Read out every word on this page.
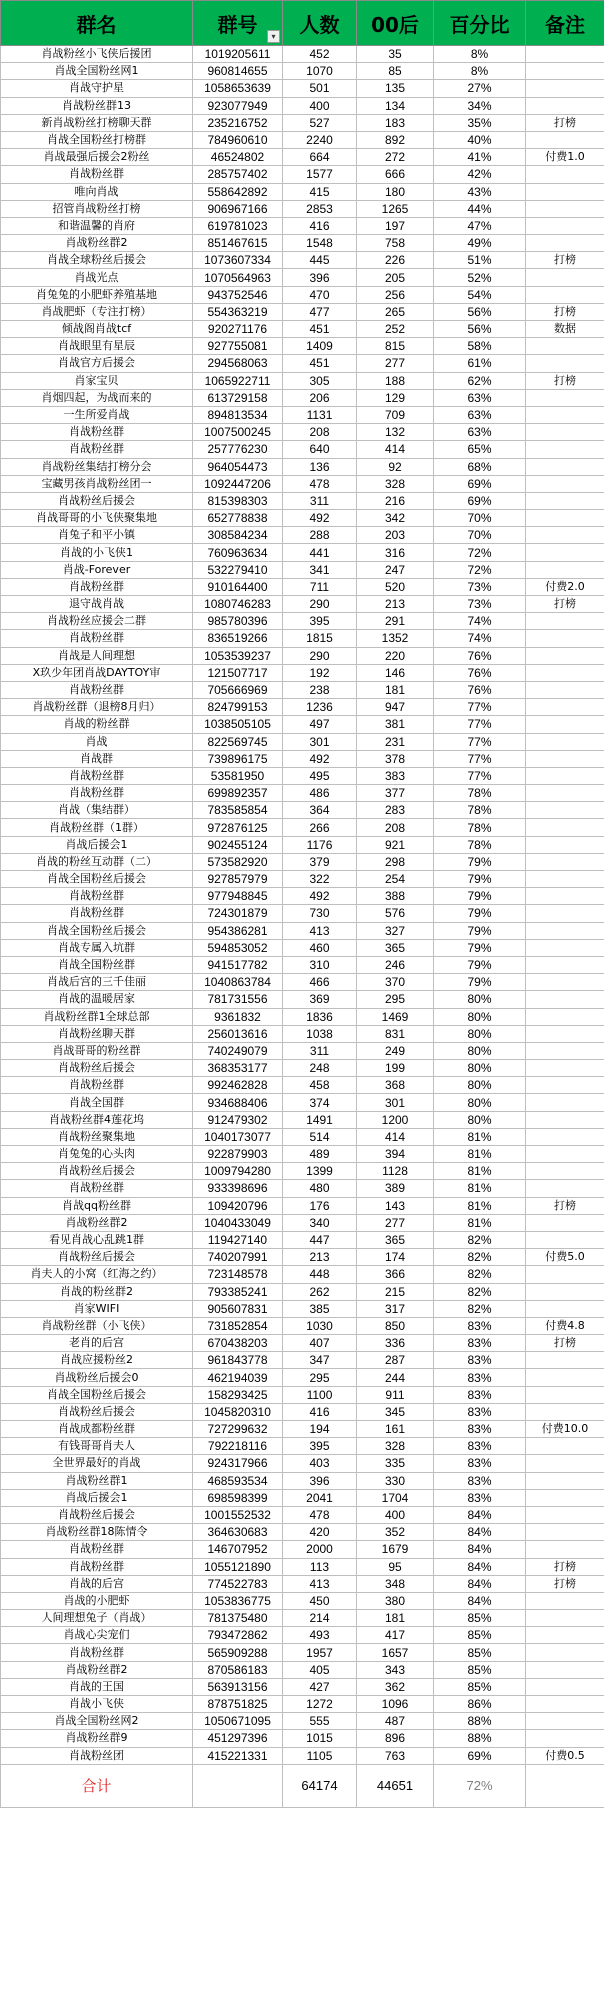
群名	群号 ▾	人数	00后	百分比	备注
肖战粉丝小飞侠后援团	1019205611	452	35	8%	
肖战全国粉丝网1	960814655	1070	85	8%	
肖战守护星	1058653639	501	135	27%	
肖战粉丝群13	923077949	400	134	34%	
新肖战粉丝打榜聊天群	235216752	527	183	35%	打榜
肖战全国粉丝打榜群	784960610	2240	892	40%	
肖战最强后援会2粉丝	46524802	664	272	41%	付费1.0
肖战粉丝群	285757402	1577	666	42%	
唯向肖战	558642892	415	180	43%	
招管肖战粉丝打榜	906967166	2853	1265	44%	
和谐温馨的肖府	619781023	416	197	47%	
肖战粉丝群2	851467615	1548	758	49%	
肖战全球粉丝后援会	1073607334	445	226	51%	打榜
肖战光点	1070564963	396	205	52%	
肖兔兔的小肥虾养殖基地	943752546	470	256	54%	
肖战肥虾（专注打榜）	554363219	477	265	56%	打榜
倾战阁肖战tcf	920271176	451	252	56%	数据
肖战眼里有星辰	927755081	1409	815	58%	
肖战官方后援会	294568063	451	277	61%	
肖家宝贝	1065922711	305	188	62%	打榜
肖烟四起，为战而来的	613729158	206	129	63%	
一生所爱肖战	894813534	1131	709	63%	
肖战粉丝群	1007500245	208	132	63%	
肖战粉丝群	257776230	640	414	65%	
肖战粉丝集结打榜分会	964054473	136	92	68%	
宝藏男孩肖战粉丝团一	1092447206	478	328	69%	
肖战粉丝后援会	815398303	311	216	69%	
肖战哥哥的小飞侠聚集地	652778838	492	342	70%	
肖兔子和平小镇	308584234	288	203	70%	
肖战的小飞侠1	760963634	441	316	72%	
肖战-Forever	532279410	341	247	72%	
肖战粉丝群	910164400	711	520	73%	付费2.0
退守战肖战	1080746283	290	213	73%	打榜
肖战粉丝应援会二群	985780396	395	291	74%	
肖战粉丝群	836519266	1815	1352	74%	
肖战是人间理想	1053539237	290	220	76%	
X玖少年团肖战DAYTOY审	121507717	192	146	76%	
肖战粉丝群	705666969	238	181	76%	
肖战粉丝群（退榜8月归）	824799153	1236	947	77%	
肖战的粉丝群	1038505105	497	381	77%	
肖战	822569745	301	231	77%	
肖战群	739896175	492	378	77%	
肖战粉丝群	53581950	495	383	77%	
肖战粉丝群	699892357	486	377	78%	
肖战（集结群）	783585854	364	283	78%	
肖战粉丝群（1群）	972876125	266	208	78%	
肖战后援会1	902455124	1176	921	78%	
肖战的粉丝互动群（二）	573582920	379	298	79%	
肖战全国粉丝后援会	927857979	322	254	79%	
肖战粉丝群	977948845	492	388	79%	
肖战粉丝群	724301879	730	576	79%	
肖战全国粉丝后援会	954386281	413	327	79%	
肖战专属入坑群	594853052	460	365	79%	
肖战全国粉丝群	941517782	310	246	79%	
肖战后宫的三千佳丽	1040863784	466	370	79%	
肖战的温暖居家	781731556	369	295	80%	
肖战粉丝群1全球总部	9361832	1836	1469	80%	
肖战粉丝聊天群	256013616	1038	831	80%	
肖战哥哥的粉丝群	740249079	311	249	80%	
肖战粉丝后援会	368353177	248	199	80%	
肖战粉丝群	992462828	458	368	80%	
肖战全国群	934688406	374	301	80%	
肖战粉丝群4莲花坞	912479302	1491	1200	80%	
肖战粉丝聚集地	1040173077	514	414	81%	
肖兔兔的心头肉	922879903	489	394	81%	
肖战粉丝后援会	1009794280	1399	1128	81%	
肖战粉丝群	933398696	480	389	81%	
肖战qq粉丝群	109420796	176	143	81%	打榜
肖战粉丝群2	1040433049	340	277	81%	
看见肖战心乱跳1群	119427140	447	365	82%	
肖战粉丝后援会	740207991	213	174	82%	付费5.0
肖夫人的小窝（红海之约）	723148578	448	366	82%	
肖战的粉丝群2	793385241	262	215	82%	
肖家WIFI	905607831	385	317	82%	
肖战粉丝群（小飞侠）	731852854	1030	850	83%	付费4.8
老肖的后宫	670438203	407	336	83%	打榜
肖战应援粉丝2	961843778	347	287	83%	
肖战粉丝后援会0	462194039	295	244	83%	
肖战全国粉丝后援会	158293425	1100	911	83%	
肖战粉丝后援会	1045820310	416	345	83%	
肖战成都粉丝群	727299632	194	161	83%	付费10.0
有钱哥哥肖夫人	792218116	395	328	83%	
全世界最好的肖战	924317966	403	335	83%	
肖战粉丝群1	468593534	396	330	83%	
肖战后援会1	698598399	2041	1704	83%	
肖战粉丝后援会	1001552532	478	400	84%	
肖战粉丝群18陈情令	364630683	420	352	84%	
肖战粉丝群	146707952	2000	1679	84%	
肖战粉丝群	1055121890	113	95	84%	打榜
肖战的后宫	774522783	413	348	84%	打榜
肖战的小肥虾	1053836775	450	380	84%	
人间理想兔子（肖战）	781375480	214	181	85%	
肖战心尖宠们	793472862	493	417	85%	
肖战粉丝群	565909288	1957	1657	85%	
肖战粉丝群2	870586183	405	343	85%	
肖战的王国	563913156	427	362	85%	
肖战小飞侠	878751825	1272	1096	86%	
肖战全国粉丝网2	1050671095	555	487	88%	
肖战粉丝群9	451297396	1015	896	88%	
肖战粉丝团	415221331	1105	763	69%	付费0.5
合计		64174	44651	72%	
